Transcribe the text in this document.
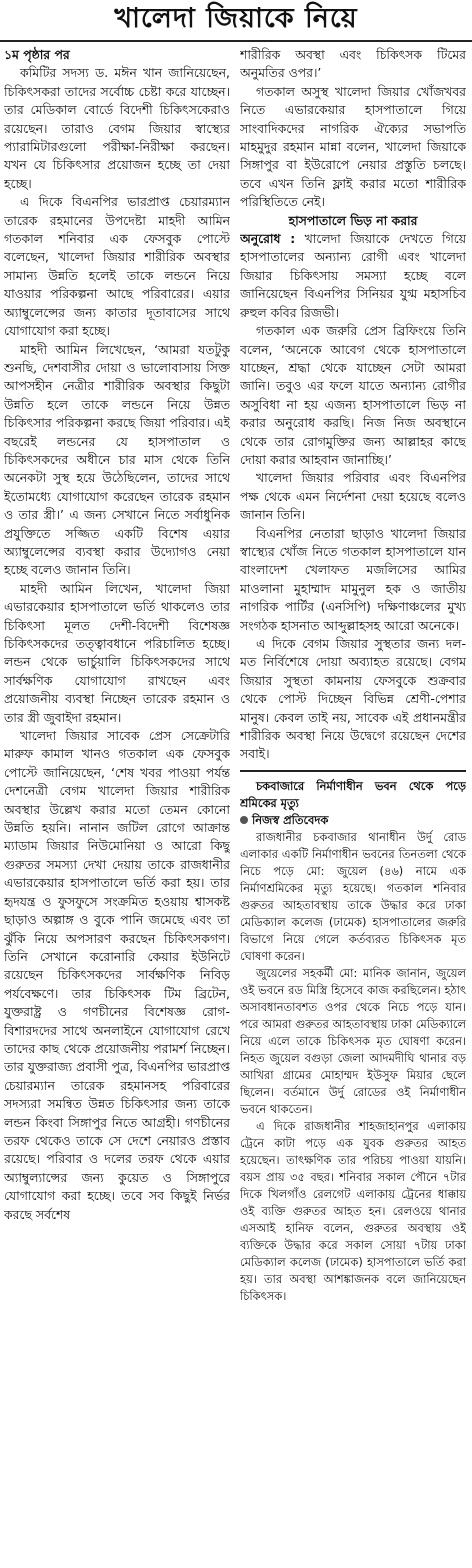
খালেদা জিয়াকে নিয়ে

১ম পৃষ্ঠার পর

কমিটির সদস্য ড. মঈন খান জানিয়েছেন, চিকিৎসকরা তাদের সর্বোচ্চ চেষ্টা করে যাচ্ছেন। তার মেডিকাল বোর্ডে বিদেশী চিকিৎসকেরাও রয়েছেন। তারাও বেগম জিয়ার স্বাস্থ্যের প্যারামিটারগুলো পরীক্ষা-নিরীক্ষা করছেন। যখন যে চিকিৎসার প্রয়োজন হচ্ছে তা দেয়া হচ্ছে।

এ দিকে বিএনপির ভারপ্রাপ্ত চেয়ারম্যান তারেক রহমানের উপদেষ্টা মাহদী আমিন গতকাল শনিবার এক ফেসবুক পোস্টে বলেছেন, খালেদা জিয়ার শারীরিক অবস্থার সামান্য উন্নতি হলেই তাকে লন্ডনে নিয়ে যাওয়ার পরিকল্পনা আছে পরিবারের। এয়ার অ্যাম্বুলেন্সের জন্য কাতার দূতাবাসের সাথে যোগাযোগ করা হচ্ছে।

মাহদী আমিন লিখেছেন, ‘আমরা যতটুকু শুনছি, দেশবাসীর দোয়া ও ভালোবাসায় সিক্ত আপসহীন নেত্রীর শারীরিক অবস্থার কিছুটা উন্নতি হলে তাকে লন্ডনে নিয়ে উন্নত চিকিৎসার পরিকল্পনা করছে জিয়া পরিবার। এই বছরেই লন্ডনের যে হাসপাতাল ও চিকিৎসকদের অধীনে চার মাস থেকে তিনি অনেকটা সুস্থ হয়ে উঠেছিলেন, তাদের সাথে ইতোমধ্যে যোগাযোগ করেছেন তারেক রহমান ও তার স্ত্রী।’ এ জন্য সেখানে নিতে সর্বাধুনিক প্রযুক্তিতে সজ্জিত একটি বিশেষ এয়ার অ্যাম্বুলেন্সের ব্যবস্থা করার উদ্যোগও নেয়া হচ্ছে বলেও জানান তিনি।

মাহদী আমিন লিখেন, খালেদা জিয়া এভারকেয়ার হাসপাতালে ভর্তি থাকলেও তার চিকিৎসা মূলত দেশী-বিদেশী বিশেষজ্ঞ চিকিৎসকদের তত্ত্বাবধানে পরিচালিত হচ্ছে। লন্ডন থেকে ভার্চুয়ালি চিকিৎসকদের সাথে সার্বক্ষণিক যোগাযোগ রাখছেন এবং প্রয়োজনীয় ব্যবস্থা নিচ্ছেন তারেক রহমান ও তার স্ত্রী জুবাইদা রহমান।

খালেদা জিয়ার সাবেক প্রেস সেক্রেটারি মারুফ কামাল খানও গতকাল এক ফেসবুক পোস্টে জানিয়েছেন, ‘শেষ খবর পাওয়া পর্যন্ত দেশনেত্রী বেগম খালেদা জিয়ার শারীরিক অবস্থার উল্লেখ করার মতো তেমন কোনো উন্নতি হয়নি। নানান জটিল রোগে আক্রান্ত ম্যাডাম জিয়ার নিউমোনিয়া ও আরো কিছু গুরুতর সমস্যা দেখা দেয়ায় তাকে রাজধানীর এভারকেয়ার হাসপাতালে ভর্তি করা হয়। তার হৃদযন্ত্র ও ফুসফুসে সংক্রমিত হওয়ায় শ্বাসকষ্ট ছাড়াও অল্পাঙ্গ ও বুকে পানি জমেছে এবং তা ঝুঁকি নিয়ে অপসারণ করছেন চিকিৎসকগণ। তিনি সেখানে করোনারি কেয়ার ইউনিটে রয়েছেন চিকিৎসকদের সার্বক্ষণিক নিবিড় পর্যবেক্ষণে। তার চিকিৎসক টিম ব্রিটেন, যুক্তরাষ্ট্র ও গণচীনের বিশেষজ্ঞ রোগ-বিশারদদের সাথে অনলাইনে যোগাযোগ রেখে তাদের কাছ থেকে প্রয়োজনীয় পরামর্শ নিচ্ছেন। তার যুক্তরাজ্য প্রবাসী পুত্র, বিএনপির ভারপ্রাপ্ত চেয়ারম্যান তারেক রহমানসহ পরিবারের সদস্যরা সমন্বিত উন্নত চিকিৎসার জন্য তাকে লন্ডন কিংবা সিঙ্গাপুর নিতে আগ্রহী। গণচীনের তরফ থেকেও তাকে সে দেশে নেয়ারও প্রস্তাব রয়েছে। পরিবার ও দলের তরফ থেকে এয়ার অ্যাম্বুল্যান্সের জন্য কুয়েত ও সিঙ্গাপুরে যোগাযোগ করা হচ্ছে। তবে সব কিছুই নির্ভর করছে সর্বশেষ

শারীরিক অবস্থা এবং চিকিৎসক টিমের অনুমতির ওপর।’

গতকাল অসুস্থ খালেদা জিয়ার খোঁজখবর নিতে এভারকেয়ার হাসপাতালে গিয়ে সাংবাদিকদের নাগরিক ঐক্যের সভাপতি মাহমুদুর রহমান মান্না বলেন, খালেদা জিয়াকে সিঙ্গাপুর বা ইউরোপে নেয়ার প্রস্তুতি চলছে। তবে এখন তিনি ফ্লাই করার মতো শারীরিক পরিস্থিতিতে নেই।

হাসপাতালে ভিড় না করার

অনুরোধ : খালেদা জিয়াকে দেখতে গিয়ে হাসপাতালের অন্যান্য রোগী এবং খালেদা জিয়ার চিকিৎসায় সমস্যা হচ্ছে বলে জানিয়েছেন বিএনপির সিনিয়র যুগ্ম মহাসচিব রুহুল কবির রিজভী।

গতকাল এক জরুরি প্রেস ব্রিফিংয়ে তিনি বলেন, ‘অনেকে আবেগ থেকে হাসপাতালে যাচ্ছেন, শ্রদ্ধা থেকে যাচ্ছেন সেটা আমরা জানি। তবুও এর ফলে যাতে অন্যান্য রোগীর অসুবিধা না হয় এজন্য হাসপাতালে ভিড় না করার অনুরোধ করছি। নিজ নিজ অবস্থানে থেকে তার রোগমুক্তির জন্য আল্লাহর কাছে দোয়া করার আহবান জানাচ্ছি।’

খালেদা জিয়ার পরিবার এবং বিএনপির পক্ষ থেকে এমন নির্দেশনা দেয়া হয়েছে বলেও জানান তিনি।

বিএনপির নেতারা ছাড়াও খালেদা জিয়ার স্বাস্থ্যের খোঁজ নিতে গতকাল হাসপাতালে যান বাংলাদেশ খেলাফত মজলিসের আমির মাওলানা মুহাম্মাদ মামুনুল হক ও জাতীয় নাগরিক পার্টির (এনসিপি) দক্ষিণাঞ্চলের মুখ্য সংগঠক হাসনাত আব্দুল্লাহসহ আরো অনেকে।

এ দিকে বেগম জিয়ার সুস্থতার জন্য দল-মত নির্বিশেষে দোয়া অব্যাহত রয়েছে। বেগম জিয়ার সুস্থতা কামনায় ফেসবুকে শুক্রবার থেকে পোস্ট দিচ্ছেন বিভিন্ন শ্রেণী-পেশার মানুষ। কেবল তাই নয়, সাবেক এই প্রধানমন্ত্রীর শারীরিক অবস্থা নিয়ে উদ্বেগে রয়েছেন দেশের সবাই।

চকবাজারে নির্মাণাধীন ভবন থেকে পড়ে শ্রমিকের মৃত্যু

নিজস্ব প্রতিবেদক

রাজধানীর চকবাজার থানাধীন উর্দু রোড এলাকার একটি নির্মাণাধীন ভবনের তিনতলা থেকে নিচে পড়ে মো: জুয়েল (৪৬) নামে এক নির্মাণশ্রমিকের মৃত্যু হয়েছে। গতকাল শনিবার গুরুতর আহতাবস্থায় তাকে উদ্ধার করে ঢাকা মেডিক্যাল কলেজ (ঢামেক) হাসপাতালের জরুরি বিভাগে নিয়ে গেলে কর্তব্যরত চিকিৎসক মৃত ঘোষণা করেন।

জুয়েলের সহকর্মী মো: মানিক জানান, জুয়েল ওই ভবনে রড মিস্ত্রি হিসেবে কাজ করছিলেন। হঠাৎ অসাবধানতাবশত ওপর থেকে নিচে পড়ে যান। পরে আমরা গুরুতর আহতাবস্থায় ঢাকা মেডিক্যালে নিয়ে এলে তাকে চিকিৎসক মৃত ঘোষণা করেন। নিহত জুয়েল বগুড়া জেলা আদমদীঘি থানার বড় আখিরা গ্রামের মোহাম্মদ ইউসুফ মিয়ার ছেলে ছিলেন। বর্তমানে উর্দু রোডের ওই নির্মাণাধীন ভবনে থাকতেন।

এ দিকে রাজধানীর শাহজাহানপুর এলাকায় ট্রেনে কাটা পড়ে এক যুবক গুরুতর আহত হয়েছেন। তাৎক্ষণিক তার পরিচয় পাওয়া যায়নি। বয়স প্রায় ৩৫ বছর। শনিবার সকাল পৌনে ৭টার দিকে খিলগাঁও রেলগেট এলাকায় ট্রেনের ধাক্কায় ওই ব্যক্তি গুরুতর আহত হন। রেলওয়ে থানার এসআই হানিফ বলেন, গুরুতর অবস্থায় ওই ব্যক্তিকে উদ্ধার করে সকাল সোয়া ৭টায় ঢাকা মেডিক্যাল কলেজ (ঢামেক) হাসপাতালে ভর্তি করা হয়। তার অবস্থা আশঙ্কাজনক বলে জানিয়েছেন চিকিৎসক।
